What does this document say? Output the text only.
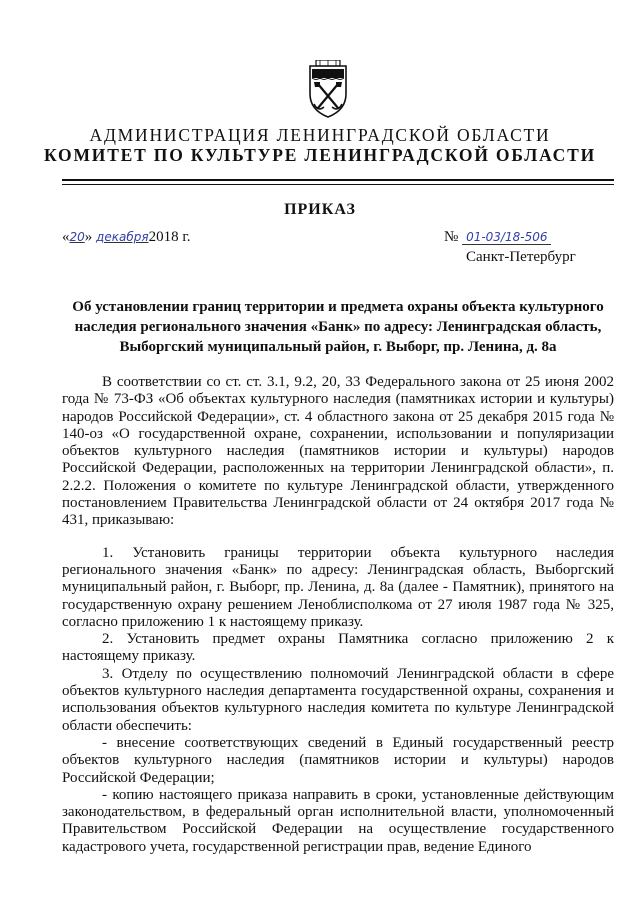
АДМИНИСТРАЦИЯ ЛЕНИНГРАДСКОЙ ОБЛАСТИ
КОМИТЕТ ПО КУЛЬТУРЕ ЛЕНИНГРАДСКОЙ ОБЛАСТИ
ПРИКАЗ
«20» декабря2018 г.	№ 01-03/18-506
Санкт-Петербург
Об установлении границ территории и предмета охраны объекта культурного наследия регионального значения «Банк» по адресу: Ленинградская область, Выборгский муниципальный район, г. Выборг, пр. Ленина, д. 8а

В соответствии со ст. ст. 3.1, 9.2, 20, 33 Федерального закона от 25 июня 2002 года № 73-ФЗ «Об объектах культурного наследия (памятниках истории и культуры) народов Российской Федерации», ст. 4 областного закона от 25 декабря 2015 года № 140-оз «О государственной охране, сохранении, использовании и популяризации объектов культурного наследия (памятников истории и культуры) народов Российской Федерации, расположенных на территории Ленинградской области», п. 2.2.2. Положения о комитете по культуре Ленинградской области, утвержденного постановлением Правительства Ленинградской области от 24 октября 2017 года № 431, приказываю:

1. Установить границы территории объекта культурного наследия регионального значения «Банк» по адресу: Ленинградская область, Выборгский муниципальный район, г. Выборг, пр. Ленина, д. 8а (далее - Памятник), принятого на государственную охрану решением Леноблисполкома от 27 июля 1987 года № 325, согласно приложению 1 к настоящему приказу.

2. Установить предмет охраны Памятника согласно приложению 2 к настоящему приказу.

3. Отделу по осуществлению полномочий Ленинградской области в сфере объектов культурного наследия департамента государственной охраны, сохранения и использования объектов культурного наследия комитета по культуре Ленинградской области обеспечить:

- внесение соответствующих сведений в Единый государственный реестр объектов культурного наследия (памятников истории и культуры) народов Российской Федерации;

- копию настоящего приказа направить в сроки, установленные действующим законодательством, в федеральный орган исполнительной власти, уполномоченный Правительством Российской Федерации на осуществление государственного кадастрового учета, государственной регистрации прав, ведение Единого
